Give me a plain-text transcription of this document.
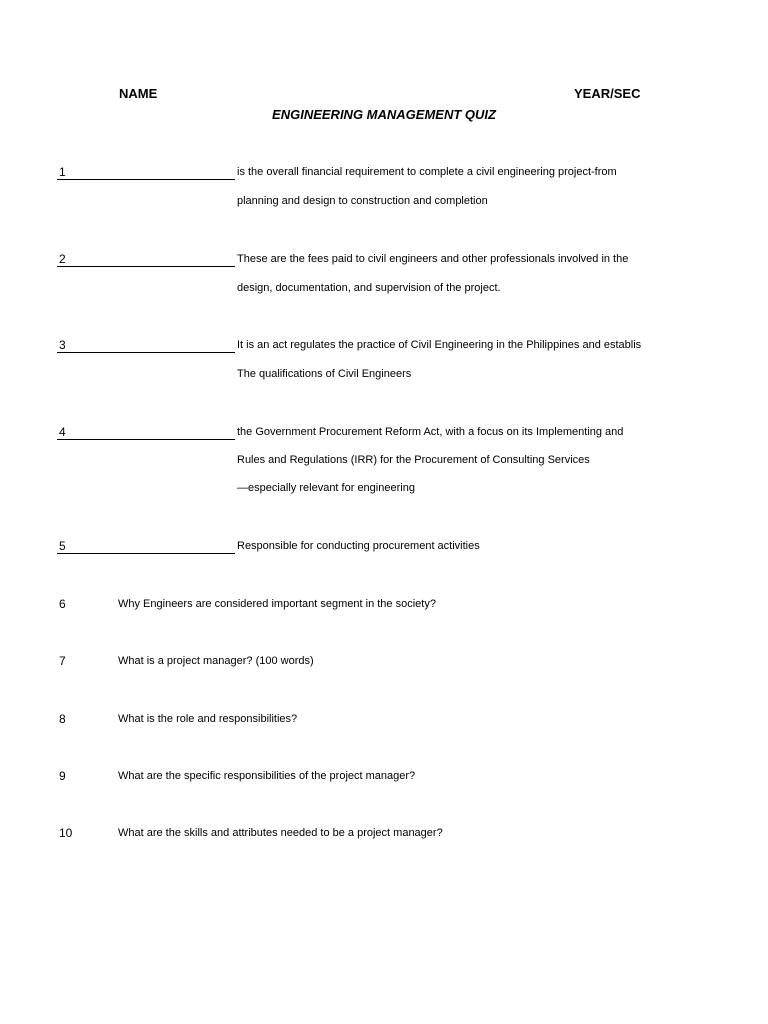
NAME	YEAR/SEC
ENGINEERING MANAGEMENT QUIZ
1	is the overall financial requirement to complete a civil engineering project-from
planning and design to construction and completion
2	These are the fees paid to civil engineers and other professionals involved in the
design, documentation, and supervision of the project.
3	It is an act regulates the practice of Civil Engineering in the Philippines and establis
The qualifications of Civil Engineers
4	the Government Procurement Reform Act, with a focus on its Implementing and
Rules and Regulations (IRR) for the Procurement of Consulting Services
—especially relevant for engineering
5	Responsible for conducting procurement activities
6	Why Engineers are considered important segment in the society?
7	What is a project manager? (100 words)
8	What is the role and responsibilities?
9	What are the specific responsibilities of the project manager?
10	What are the skills and attributes needed to be a project manager?
